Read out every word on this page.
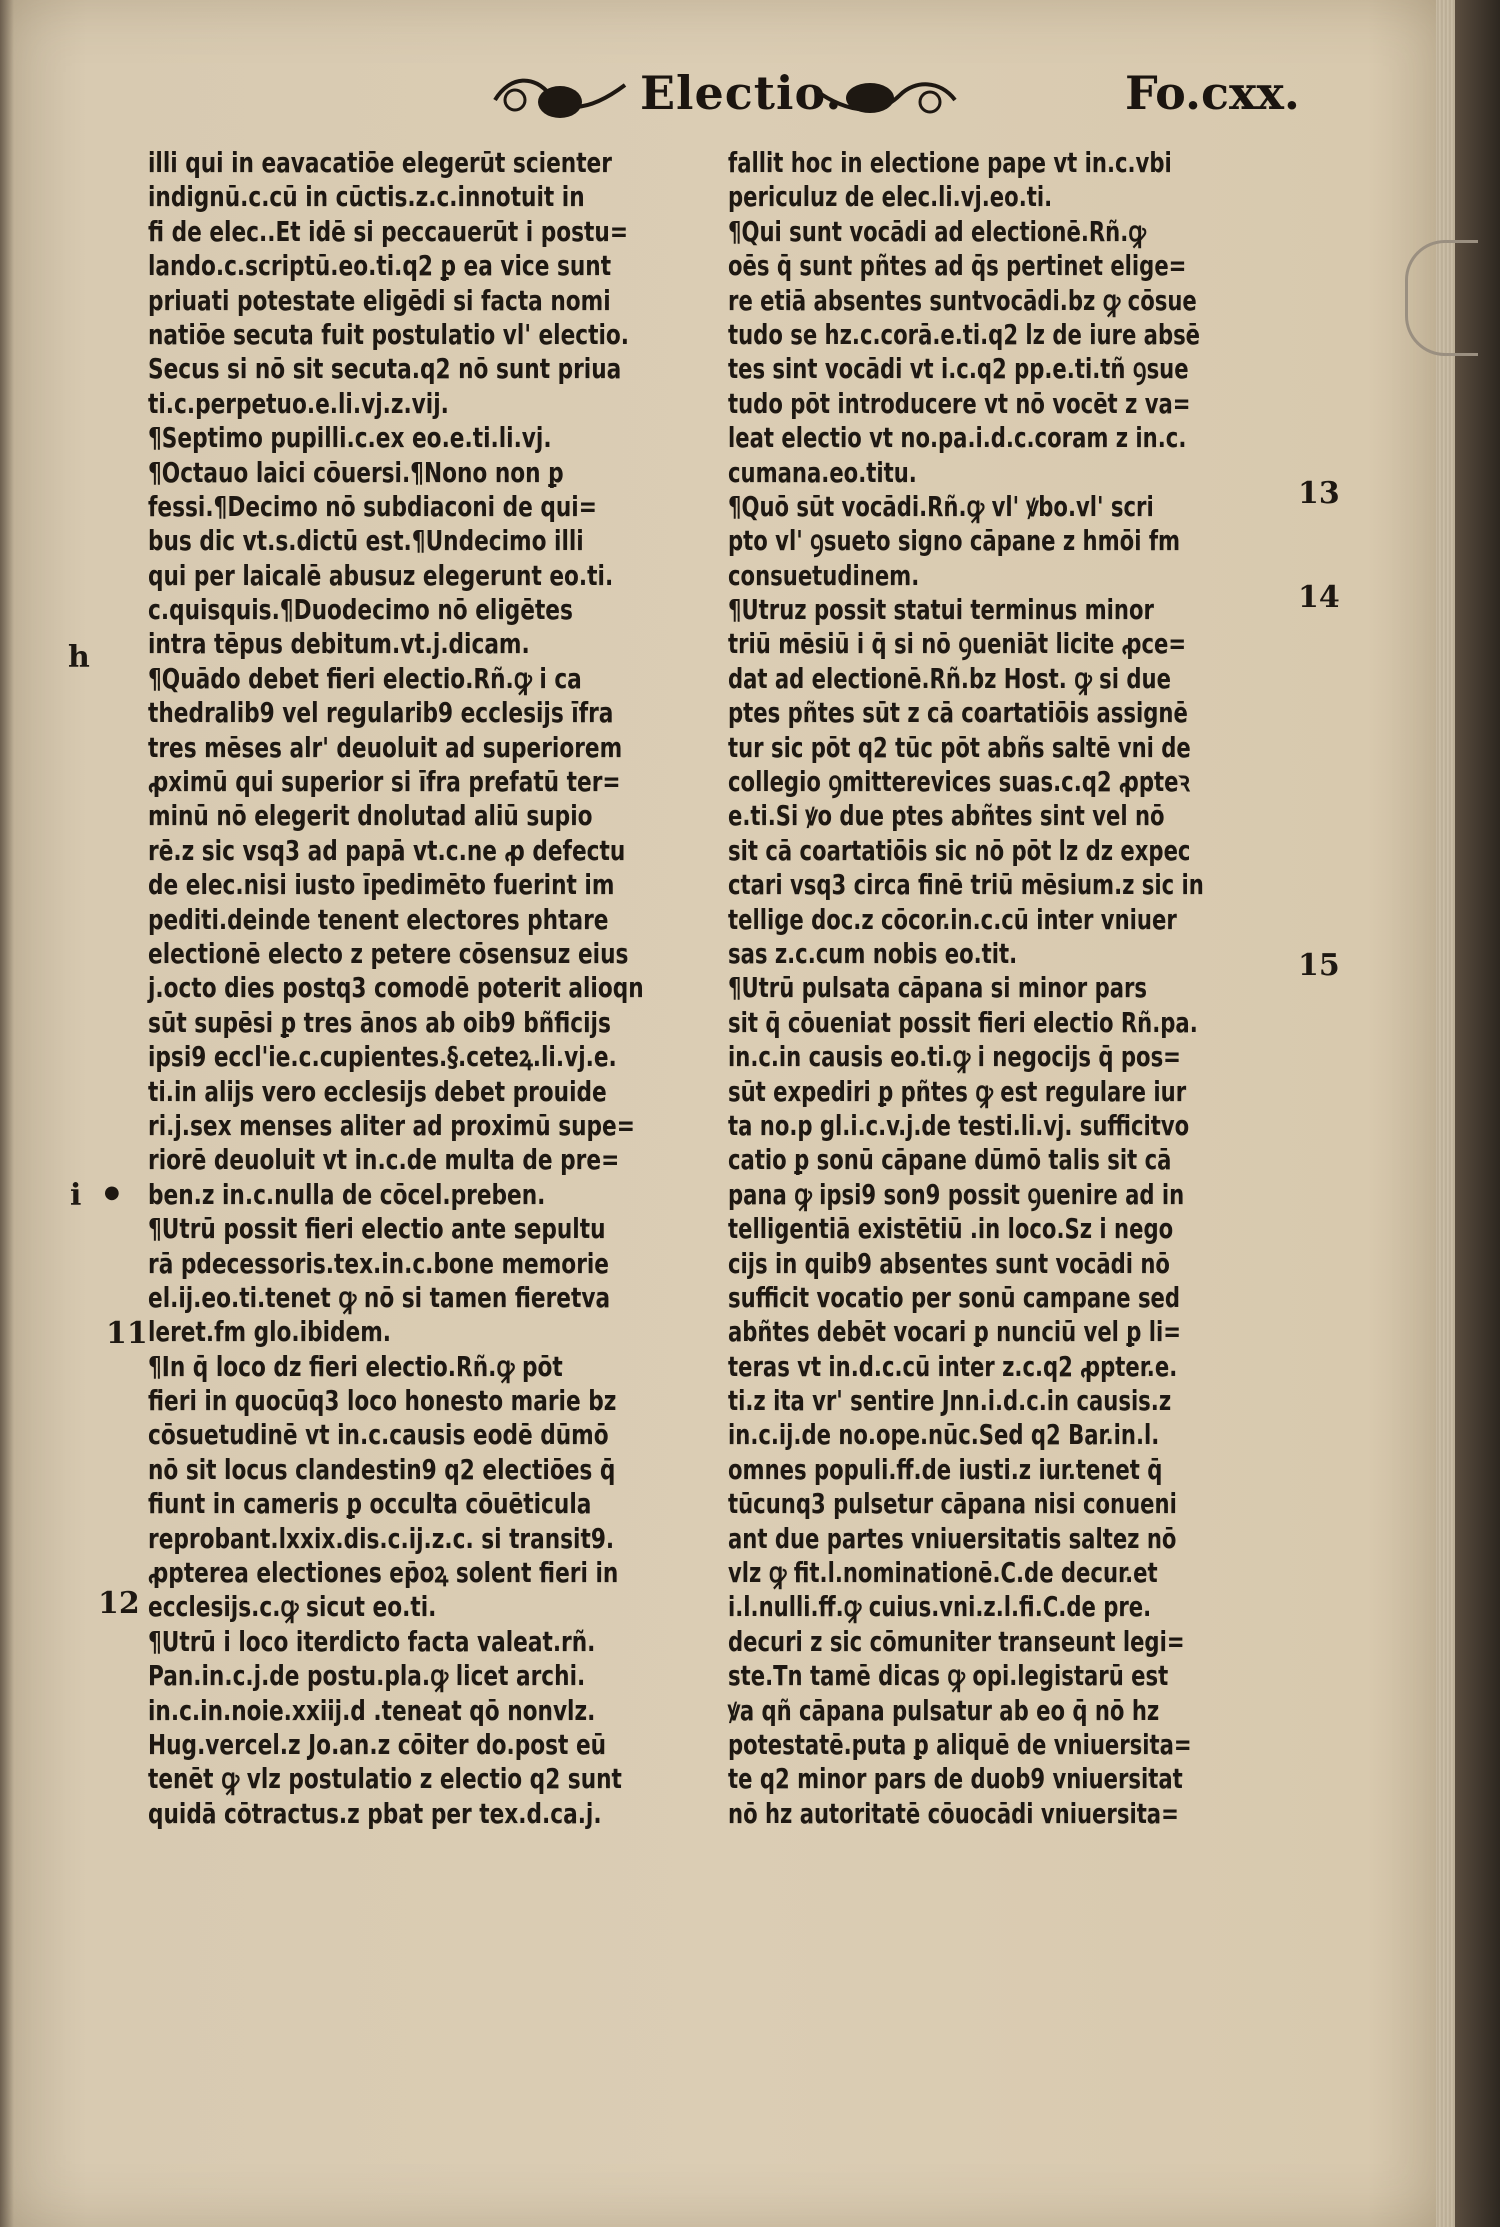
Electio.	Fo.cxx.
illi qui in eavacatiōe elegerūt scienter
indignū.c.cū in cūctis.z.c.innotuit in
fi de elec..Et idē si peccauerūt i postu=
lando.c.scriptū.eo.ti.q2 ꝑ ea vice sunt
priuati potestate eligēdi si facta nomi
natiōe secuta fuit postulatio vl' electio.
Secus si nō sit secuta.q2 nō sunt priua
ti.c.perpetuo.e.li.vj.z.vij.
¶Septimo pupilli.c.ex eo.e.ti.li.vj.
¶Octauo laici cōuersi.¶Nono non ꝑ
fessi.¶Decimo nō subdiaconi de qui=
bus dic vt.s.dictū est.¶Undecimo illi
qui per laicalē abusuz elegerunt eo.ti.
c.quisquis.¶Duodecimo nō eligētes
intra tēpus debitum.vt.j.dicam.
¶Quādo debet fieri electio.Rñ.ꝙ i ca
thedralib9 vel regularib9 ecclesijs īfra
tres mēses alr' deuoluit ad superiorem
ꝓximū qui superior si īfra prefatū ter=
minū nō elegerit dnolutad aliū supio
rē.z sic vsq3 ad papā vt.c.ne ꝓ defectu
de elec.nisi iusto īpedimēto fuerint im
pediti.deinde tenent electores phtare
electionē electo z petere cōsensuz eius
j.octo dies postq3 comodē poterit alioqn
sūt supēsi ꝑ tres ānos ab oib9 bñficijs
ipsi9 eccl'ie.c.cupientes.§.ceteꝝ.li.vj.e.
ti.in alijs vero ecclesijs debet prouide
ri.j.sex menses aliter ad proximū supe=
riorē deuoluit vt in.c.de multa de pre=
ben.z in.c.nulla de cōcel.preben.
¶Utrū possit fieri electio ante sepultu
rā pdecessoris.tex.in.c.bone memorie
el.ij.eo.ti.tenet ꝙ nō si tamen fieretva
leret.fm glo.ibidem.
¶In q̄ loco dz fieri electio.Rñ.ꝙ pōt
fieri in quocūq3 loco honesto marie bz
cōsuetudinē vt in.c.causis eodē dūmō
nō sit locus clandestin9 q2 electiōes q̄
fiunt in cameris ꝑ occulta cōuēticula
reprobant.lxxix.dis.c.ij.z.c. si transit9.
ꝓpterea electiones ep̄oꝝ solent fieri in
ecclesijs.c.ꝙ sicut eo.ti.
¶Utrū i loco iterdicto facta valeat.rñ.
Pan.in.c.j.de postu.pla.ꝙ licet archi.
in.c.in.noie.xxiij.d .teneat qō nonvlz.
Hug.vercel.z Jo.an.z cōiter do.post eū
tenēt ꝙ vlz postulatio z electio q2 sunt
quidā cōtractus.z pbat per tex.d.ca.j.
fallit hoc in electione pape vt in.c.vbi
periculuz de elec.li.vj.eo.ti.
¶Qui sunt vocādi ad electionē.Rñ.ꝙ
oēs q̄ sunt pñtes ad q̄s pertinet elige=
re etiā absentes suntvocādi.bz ꝙ cōsue
tudo se hz.c.corā.e.ti.q2 lz de iure absē
tes sint vocādi vt i.c.q2 pp.e.ti.tñ ꝯsue
tudo pōt introducere vt nō vocēt z va=
leat electio vt no.pa.i.d.c.coram z in.c.
cumana.eo.titu.
¶Quō sūt vocādi.Rñ.ꝙ vl' ꝟbo.vl' scri
pto vl' ꝯsueto signo cāpane z hmōi fm
consuetudinem.
¶Utruz possit statui terminus minor
triū mēsiū i q̄ si nō ꝯueniāt licite ꝓce=
dat ad electionē.Rñ.bz Host. ꝙ si due
ptes pñtes sūt z cā coartatiōis assignē
tur sic pōt q2 tūc pōt abñs saltē vni de
collegio ꝯmitterevices suas.c.q2 ꝓpteꝛ
e.ti.Si ꝟo due ptes abñtes sint vel nō
sit cā coartatiōis sic nō pōt lz dz expec
ctari vsq3 circa finē triū mēsium.z sic in
tellige doc.z cōcor.in.c.cū inter vniuer
sas z.c.cum nobis eo.tit.
¶Utrū pulsata cāpana si minor pars
sit q̄ cōueniat possit fieri electio Rñ.pa.
in.c.in causis eo.ti.ꝙ i negocijs q̄ pos=
sūt expediri ꝑ pñtes ꝙ est regulare iur
ta no.p gl.i.c.v.j.de testi.li.vj. sufficitvo
catio ꝑ sonū cāpane dūmō talis sit cā
pana ꝙ ipsi9 son9 possit ꝯuenire ad in
telligentiā existētiū .in loco.Sz i nego
cijs in quib9 absentes sunt vocādi nō
sufficit vocatio per sonū campane sed
abñtes debēt vocari ꝑ nunciū vel ꝑ li=
teras vt in.d.c.cū inter z.c.q2 ꝓpter.e.
ti.z ita vr' sentire Jnn.i.d.c.in causis.z
in.c.ij.de no.ope.nūc.Sed q2 Bar.in.l.
omnes populi.ff.de iusti.z iur.tenet q̄
tūcunq3 pulsetur cāpana nisi conueni
ant due partes vniuersitatis saltez nō
vlz ꝙ fit.l.nominationē.C.de decur.et
i.l.nulli.ff.ꝙ cuius.vni.z.l.fi.C.de pre.
decuri z sic cōmuniter transeunt legi=
ste.Tn tamē dicas ꝙ opi.legistarū est
ꝟa qñ cāpana pulsatur ab eo q̄ nō hz
potestatē.puta ꝑ aliquē de vniuersita=
te q2 minor pars de duob9 vniuersitat
nō hz autoritatē cōuocādi vniuersita=
h
i ●
11
12
13
14
15
